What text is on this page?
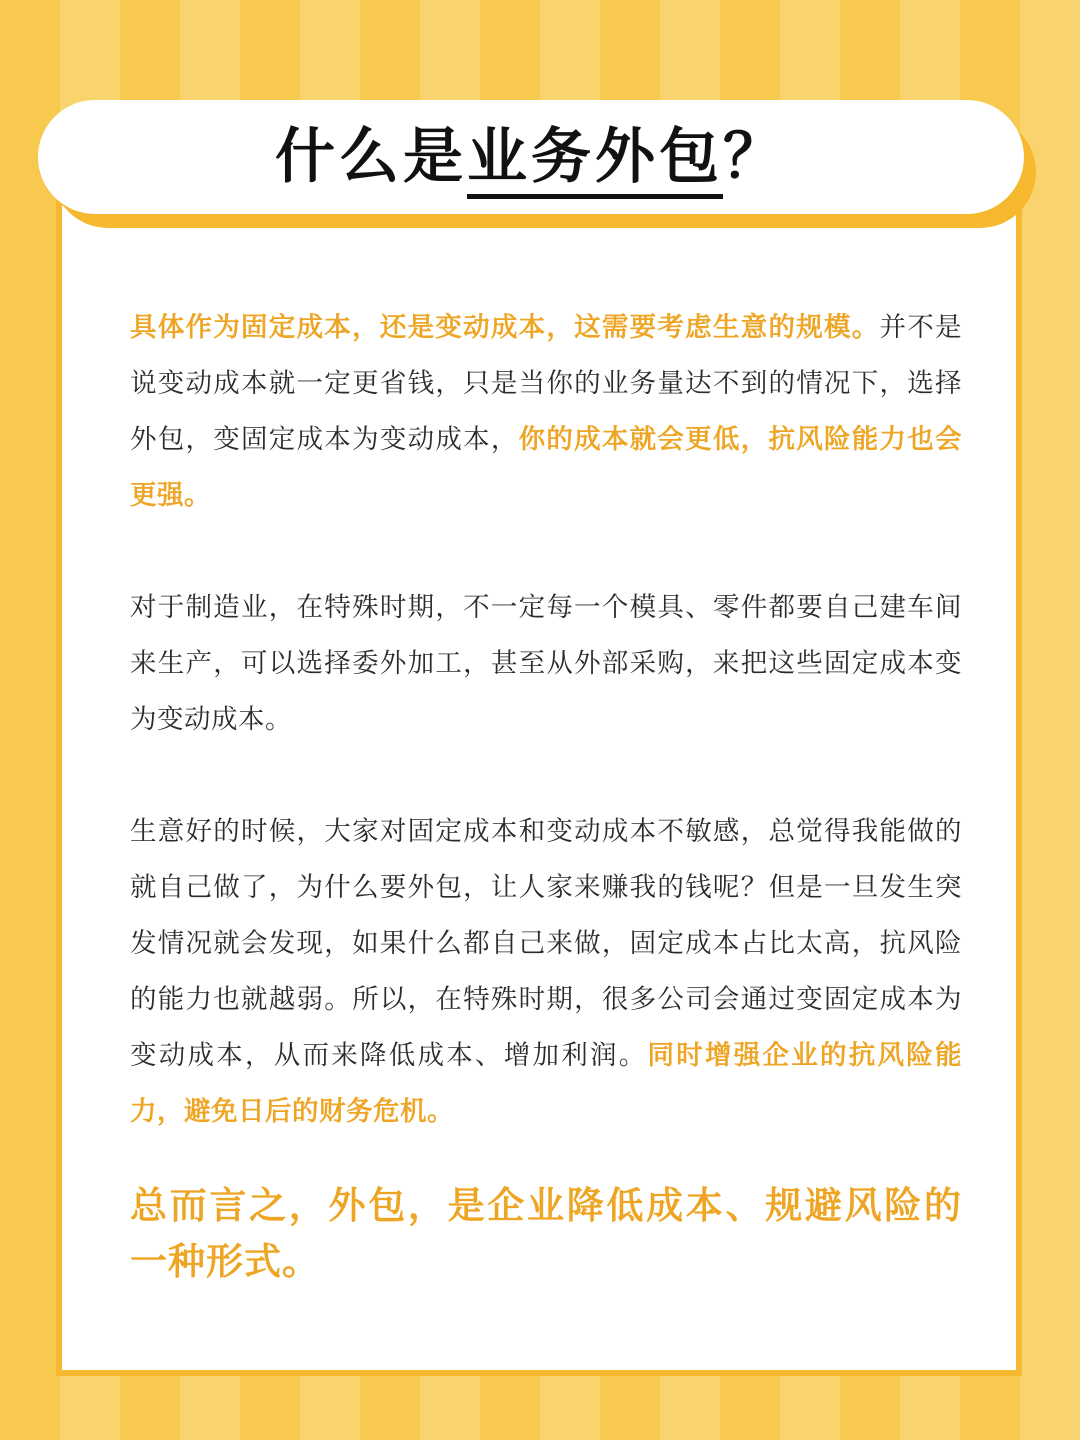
什么是业务外包？

具体作为固定成本，还是变动成本，这需要考虑生意的规模。并不是说变动成本就一定更省钱，只是当你的业务量达不到的情况下，选择外包，变固定成本为变动成本，你的成本就会更低，抗风险能力也会更强。

对于制造业，在特殊时期，不一定每一个模具、零件都要自己建车间来生产，可以选择委外加工，甚至从外部采购，来把这些固定成本变为变动成本。

生意好的时候，大家对固定成本和变动成本不敏感，总觉得我能做的就自己做了，为什么要外包，让人家来赚我的钱呢？但是一旦发生突发情况就会发现，如果什么都自己来做，固定成本占比太高，抗风险的能力也就越弱。所以，在特殊时期，很多公司会通过变固定成本为变动成本，从而来降低成本、增加利润。同时增强企业的抗风险能力，避免日后的财务危机。

总而言之，外包，是企业降低成本、规避风险的一种形式。
